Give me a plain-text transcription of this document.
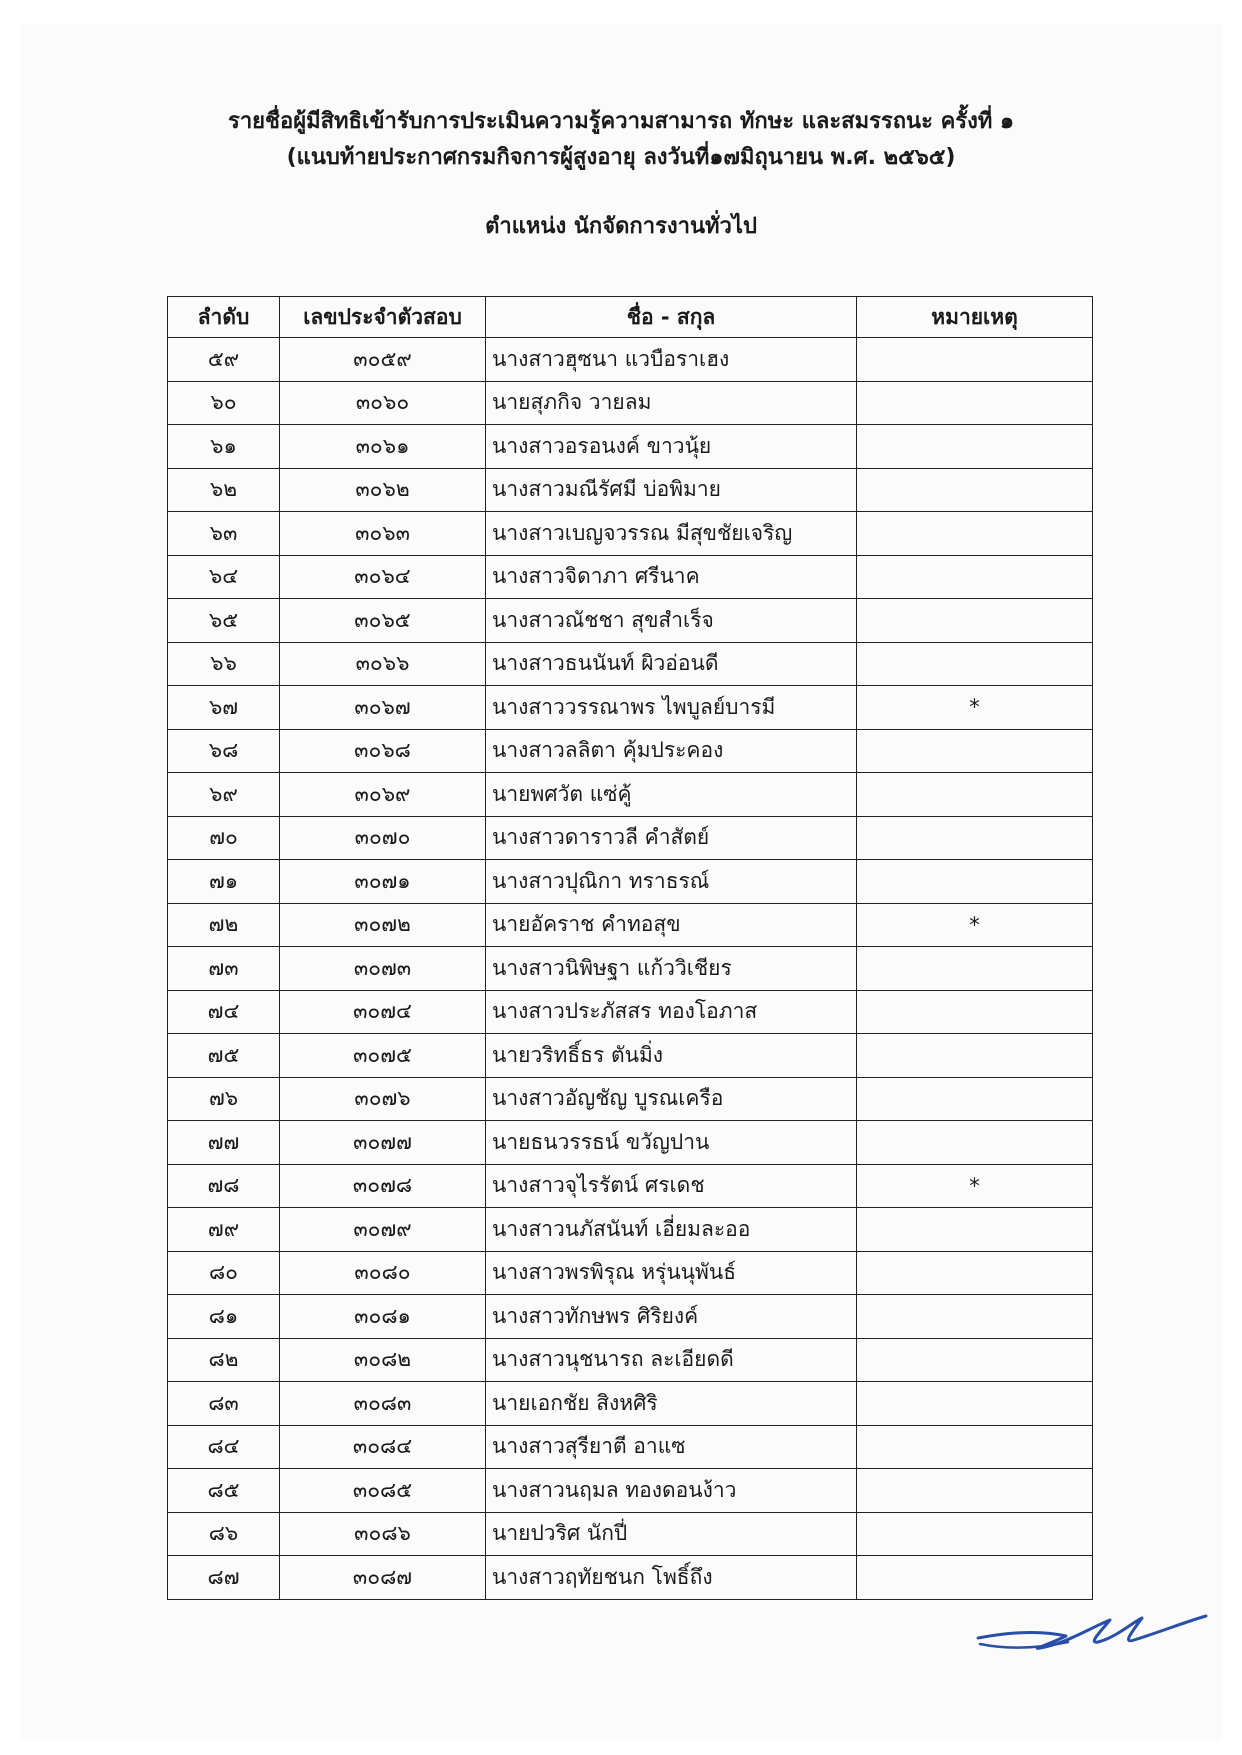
รายชื่อผู้มีสิทธิเข้ารับการประเมินความรู้ความสามารถ ทักษะ และสมรรถนะ ครั้งที่ ๑
(แนบท้ายประกาศกรมกิจการผู้สูงอายุ ลงวันที่๑๗มิถุนายน พ.ศ. ๒๕๖๕)
ตำแหน่ง นักจัดการงานทั่วไป
ลำดับ	เลขประจำตัวสอบ	ชื่อ - สกุล	หมายเหตุ
๕๙	๓๐๕๙	นางสาวฮุซนา แวบือราเฮง	
๖๐	๓๐๖๐	นายสุภกิจ วายลม	
๖๑	๓๐๖๑	นางสาวอรอนงค์ ขาวนุ้ย	
๖๒	๓๐๖๒	นางสาวมณีรัศมี บ่อพิมาย	
๖๓	๓๐๖๓	นางสาวเบญจวรรณ มีสุขชัยเจริญ	
๖๔	๓๐๖๔	นางสาวจิดาภา ศรีนาค	
๖๕	๓๐๖๕	นางสาวณัชชา สุขสำเร็จ	
๖๖	๓๐๖๖	นางสาวธนนันท์ ผิวอ่อนดี	
๖๗	๓๐๖๗	นางสาววรรณาพร ไพบูลย์บารมี	*
๖๘	๓๐๖๘	นางสาวลลิตา คุ้มประคอง	
๖๙	๓๐๖๙	นายพศวัต แซ่คู้	
๗๐	๓๐๗๐	นางสาวดาราวลี คำสัตย์	
๗๑	๓๐๗๑	นางสาวปุณิกา ทราธรณ์	
๗๒	๓๐๗๒	นายอัคราช คำทอสุข	*
๗๓	๓๐๗๓	นางสาวนิพิษฐา แก้ววิเชียร	
๗๔	๓๐๗๔	นางสาวประภัสสร ทองโอภาส	
๗๕	๓๐๗๕	นายวริทธิ์ธร ตันมิ่ง	
๗๖	๓๐๗๖	นางสาวอัญชัญ บูรณเครือ	
๗๗	๓๐๗๗	นายธนวรรธน์ ขวัญปาน	
๗๘	๓๐๗๘	นางสาวจุไรรัตน์ ศรเดช	*
๗๙	๓๐๗๙	นางสาวนภัสนันท์ เอี่ยมละออ	
๘๐	๓๐๘๐	นางสาวพรพิรุณ หรุ่นนุพันธ์	
๘๑	๓๐๘๑	นางสาวทักษพร ศิริยงค์	
๘๒	๓๐๘๒	นางสาวนุชนารถ ละเอียดดี	
๘๓	๓๐๘๓	นายเอกชัย สิงหศิริ	
๘๔	๓๐๘๔	นางสาวสุรียาตี อาแซ	
๘๕	๓๐๘๕	นางสาวนฤมล ทองดอนง้าว	
๘๖	๓๐๘๖	นายปวริศ นักปี่	
๘๗	๓๐๘๗	นางสาวฤทัยชนก โพธิ์ถึง	
